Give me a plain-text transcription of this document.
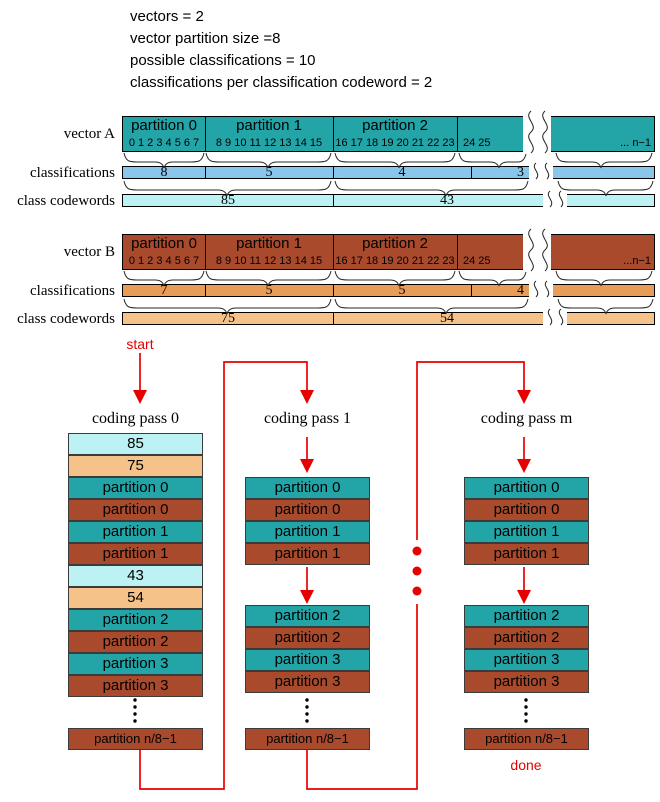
vectors = 2
vector partition size =8
possible classifications = 10
classifications per classification codeword = 2
vector A
classifications
class codewords
partition 0	partition 1	partition 2
0 1 2 3 4 5 6 7	8 9 10 11 12 13 14 15	16 17 18 19 20 21 22 23 24 25	... n−1
8	5	4	3
85	43
vector B
classifications
class codewords
partition 0	partition 1	partition 2
0 1 2 3 4 5 6 7	8 9 10 11 12 13 14 15	16 17 18 19 20 21 22 23 24 25	...n−1
7	5	5	4
75	54
start
done
coding pass 0	coding pass 1	coding pass m
85
75
partition 0
partition 0
partition 1
partition 1
43
54
partition 2
partition 2
partition 3
partition 3
partition n/8−1
partition 0
partition 0
partition 1
partition 1
partition 2
partition 2
partition 3
partition 3
partition n/8−1
partition 0
partition 0
partition 1
partition 1
partition 2
partition 2
partition 3
partition 3
partition n/8−1
